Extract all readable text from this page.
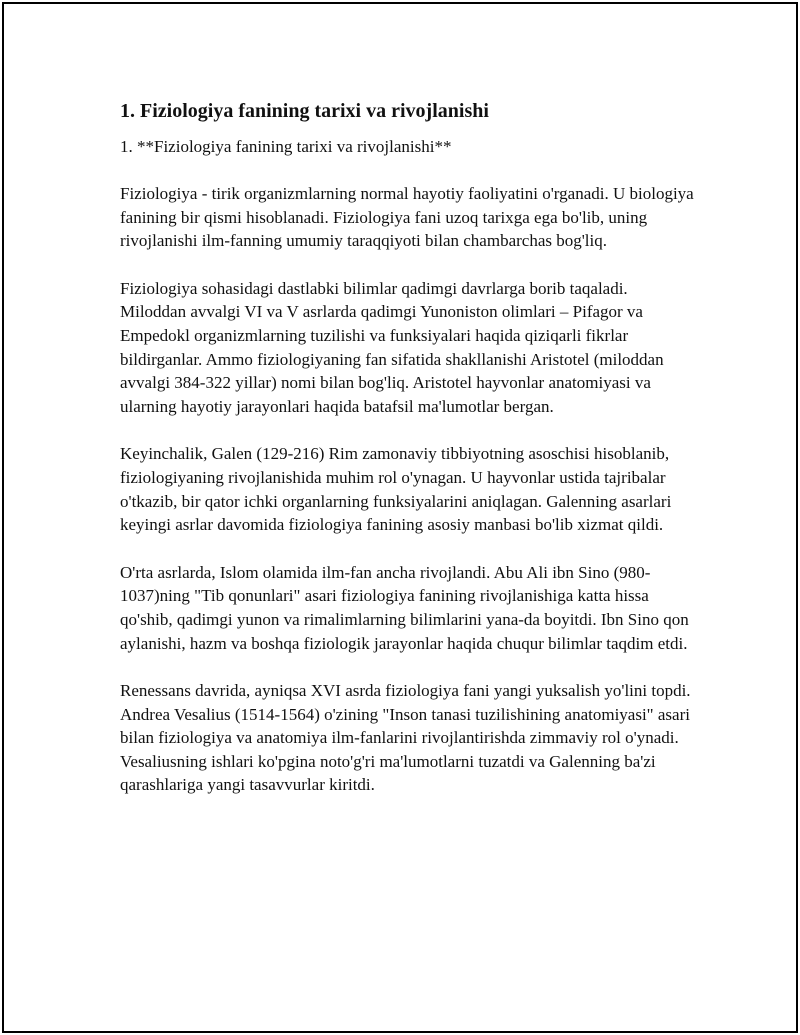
1. Fiziologiya fanining tarixi va rivojlanishi

1. **Fiziologiya fanining tarixi va rivojlanishi**

Fiziologiya - tirik organizmlarning normal hayotiy faoliyatini o'rganadi. U biologiya fanining bir qismi hisoblanadi. Fiziologiya fani uzoq tarixga ega bo'lib, uning rivojlanishi ilm-fanning umumiy taraqqiyoti bilan chambarchas bog'liq.

Fiziologiya sohasidagi dastlabki bilimlar qadimgi davrlarga borib taqaladi. Miloddan avvalgi VI va V asrlarda qadimgi Yunoniston olimlari – Pifagor va Empedokl organizmlarning tuzilishi va funksiyalari haqida qiziqarli fikrlar bildirganlar. Ammo fiziologiyaning fan sifatida shakllanishi Aristotel (miloddan avvalgi 384-322 yillar) nomi bilan bog'liq. Aristotel hayvonlar anatomiyasi va ularning hayotiy jarayonlari haqida batafsil ma'lumotlar bergan.

Keyinchalik, Galen (129-216) Rim zamonaviy tibbiyotning asoschisi hisoblanib, fiziologiyaning rivojlanishida muhim rol o'ynagan. U hayvonlar ustida tajribalar o'tkazib, bir qator ichki organlarning funksiyalarini aniqlagan. Galenning asarlari keyingi asrlar davomida fiziologiya fanining asosiy manbasi bo'lib xizmat qildi.

O'rta asrlarda, Islom olamida ilm-fan ancha rivojlandi. Abu Ali ibn Sino (980-1037)ning "Tib qonunlari" asari fiziologiya fanining rivojlanishiga katta hissa qo'shib, qadimgi yunon va rimalimlarning bilimlarini yana-da boyitdi. Ibn Sino qon aylanishi, hazm va boshqa fiziologik jarayonlar haqida chuqur bilimlar taqdim etdi.

Renessans davrida, ayniqsa XVI asrda fiziologiya fani yangi yuksalish yo'lini topdi. Andrea Vesalius (1514-1564) o'zining "Inson tanasi tuzilishining anatomiyasi" asari bilan fiziologiya va anatomiya ilm-fanlarini rivojlantirishda zimmaviy rol o'ynadi. Vesaliusning ishlari ko'pgina noto'g'ri ma'lumotlarni tuzatdi va Galenning ba'zi qarashlariga yangi tasavvurlar kiritdi.
